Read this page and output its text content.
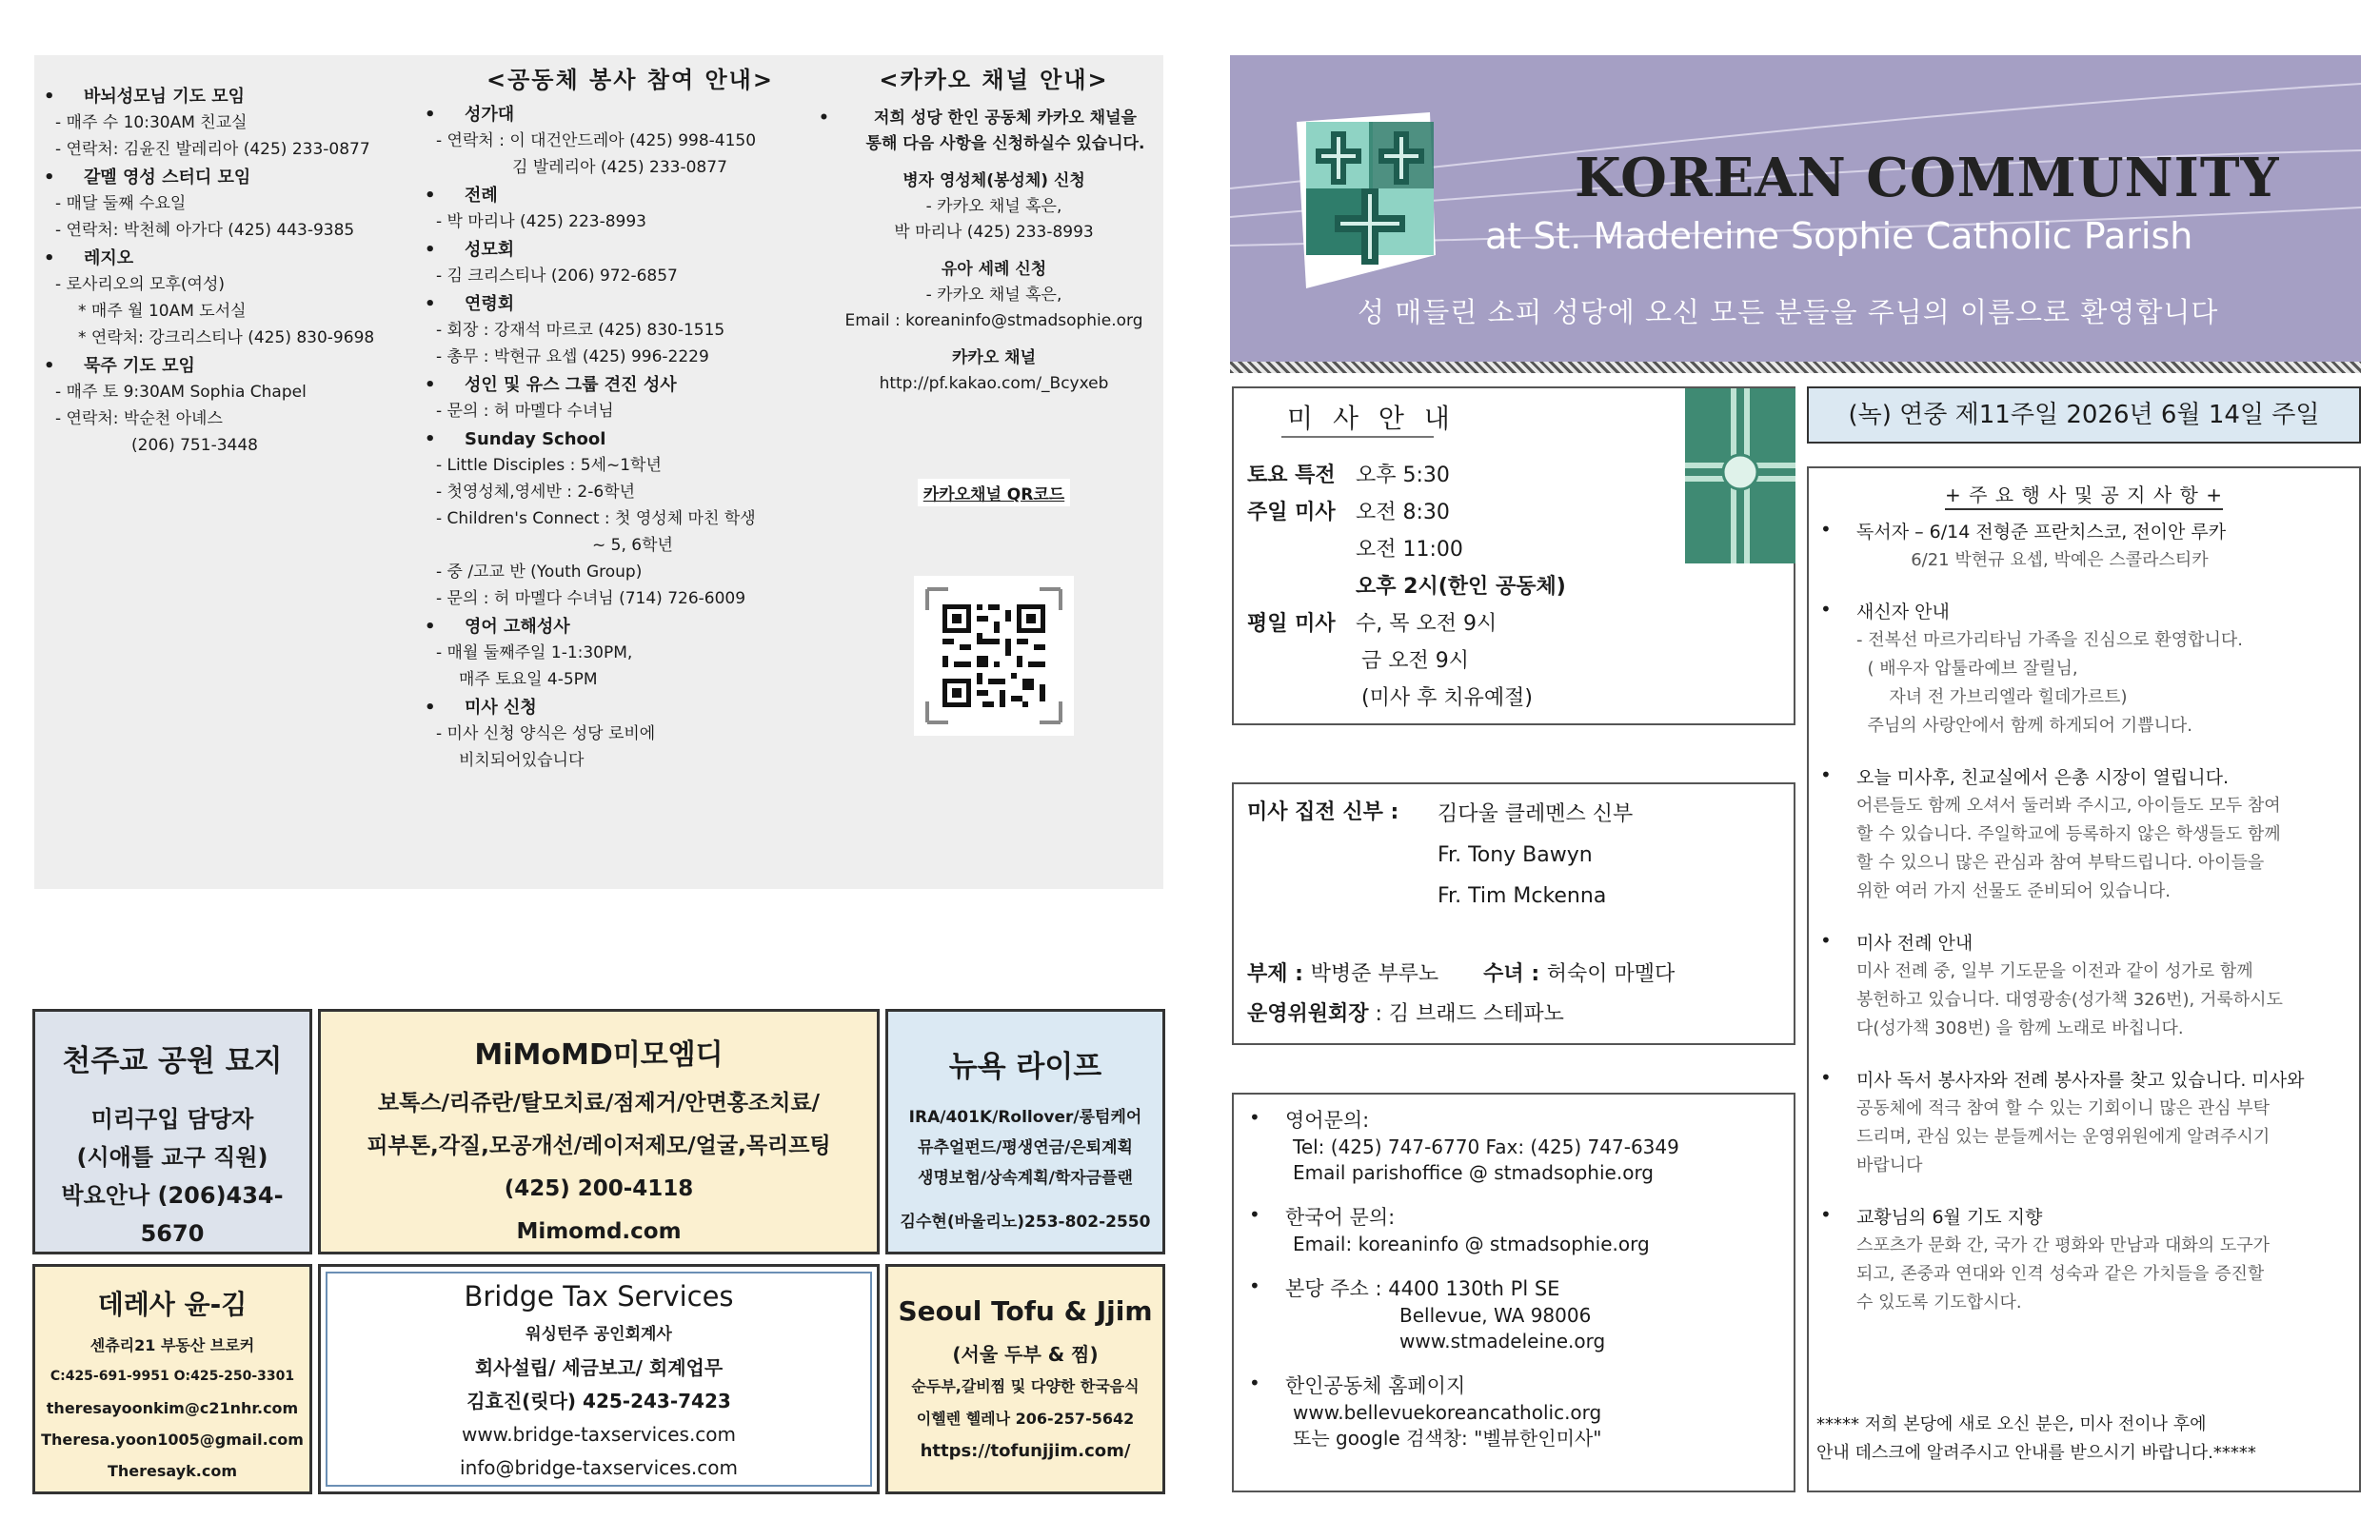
• 바뇌성모님 기도 모임
- 매주 수 10:30AM 친교실
- 연락처: 김윤진 발레리아 (425) 233-0877
• 갈멜 영성 스터디 모임
- 매달 둘째 수요일
- 연락처: 박천혜 아가다 (425) 443-9385
• 레지오
- 로사리오의 모후(여성)
* 매주 월 10AM 도서실
* 연락처: 강크리스티나 (425) 830-9698
• 묵주 기도 모임
- 매주 토 9:30AM Sophia Chapel
- 연락처: 박순천 아녜스
(206) 751-3448
<공동체 봉사 참여 안내>
• 성가대
- 연락처 : 이 대건안드레아 (425) 998-4150
김 발레리아 (425) 233-0877
• 전례
- 박 마리나 (425) 223-8993
• 성모회
- 김 크리스티나 (206) 972-6857
• 연령회
- 회장 : 강재석 마르코 (425) 830-1515
- 총무 : 박현규 요셉 (425) 996-2229
• 성인 및 유스 그룹 견진 성사
- 문의 : 허 마멜다 수녀님
• Sunday School
- Little Disciples : 5세~1학년
- 첫영성체,영세반 : 2-6학년
- Children's Connect : 첫 영성체 마친 학생
~ 5, 6학년
- 중 /고교 반 (Youth Group)
- 문의 : 허 마멜다 수녀님 (714) 726-6009
• 영어 고해성사
- 매월 둘째주일 1-1:30PM,
매주 토요일 4-5PM
• 미사 신청
- 미사 신청 양식은 성당 로비에
비치되어있습니다
<카카오 채널 안내>
•	저희 성당 한인 공동체 카카오 채널을
통해 다음 사항을 신청하실수 있습니다.
병자 영성체(봉성체) 신청
- 카카오 채널 혹은,
박 마리나 (425) 233-8993
유아 세례 신청
- 카카오 채널 혹은,
Email : koreaninfo@stmadsophie.org
카카오 채널
http://pf.kakao.com/_Bcyxeb
카카오채널 QR코드
천주교 공원 묘지
미리구입 담당자
(시애틀 교구 직원)
박요안나 (206)434-5670
MiMoMD미모엠디
보톡스/리쥬란/탈모치료/점제거/안면홍조치료/
피부톤,각질,모공개선/레이저제모/얼굴,목리프팅
(425) 200-4118
Mimomd.com
뉴욕 라이프
IRA/401K/Rollover/롱텀케어
뮤추얼펀드/평생연금/은퇴계획
생명보험/상속계획/학자금플랜
김수현(바울리노)253-802-2550
데레사 윤-김
센츄리21 부동산 브로커
C:425-691-9951 O:425-250-3301
theresayoonkim@c21nhr.com
Theresa.yoon1005@gmail.com
Theresayk.com
Bridge Tax Services
워싱턴주 공인회계사
회사설립/ 세금보고/ 회계업무
김효진(릿다) 425-243-7423
www.bridge-taxservices.com
info@bridge-taxservices.com
Seoul Tofu & Jjim
(서울 두부 & 찜)
순두부,갈비찜 및 다양한 한국음식
이헬렌 헬레나 206-257-5642
https://tofunjjim.com/
KOREAN COMMUNITY
at St. Madeleine Sophie Catholic Parish
성 매들린 소피 성당에 오신 모든 분들을 주님의 이름으로 환영합니다
미 사 안 내
토요 특전 오후 5:30
주일 미사 오전 8:30
오전 11:00
오후 2시(한인 공동체)
평일 미사 수, 목 오전 9시
금 오전 9시
(미사 후 치유예절)
(녹) 연중 제11주일 2026년 6월 14일 주일
미사 집전 신부 : 김다울 클레멘스 신부
Fr. Tony Bawyn
Fr. Tim Mckenna
부제 : 박병준 부루노 수녀 : 허숙이 마멜다
운영위원회장 : 김 브래드 스테파노
• 영어문의:
Tel: (425) 747-6770 Fax: (425) 747-6349
Email parishoffice @ stmadsophie.org
• 한국어 문의:
Email: koreaninfo @ stmadsophie.org
• 본당 주소 : 4400 130th Pl SE
Bellevue, WA 98006
www.stmadeleine.org
• 한인공동체 홈페이지
www.bellevuekoreancatholic.org
또는 google 검색창: "벨뷰한인미사"
+ 주 요 행 사 및 공 지 사 항 +
• 독서자 – 6/14 전형준 프란치스코, 전이안 루카
6/21 박현규 요셉, 박예은 스콜라스티카
• 새신자 안내
- 전복선 마르가리타님 가족을 진심으로 환영합니다.
( 배우자 압툴라예브 잘릴님,
자녀 전 가브리엘라 힐데가르트)
주님의 사랑안에서 함께 하게되어 기쁩니다.
• 오늘 미사후, 친교실에서 은총 시장이 열립니다.
어른들도 함께 오셔서 둘러봐 주시고, 아이들도 모두 참여
할 수 있습니다. 주일학교에 등록하지 않은 학생들도 함께
할 수 있으니 많은 관심과 참여 부탁드립니다. 아이들을
위한 여러 가지 선물도 준비되어 있습니다.
• 미사 전례 안내
미사 전례 중, 일부 기도문을 이전과 같이 성가로 함께
봉헌하고 있습니다. 대영광송(성가책 326번), 거룩하시도
다(성가책 308번) 을 함께 노래로 바칩니다.
• 미사 독서 봉사자와 전례 봉사자를 찾고 있습니다. 미사와
공동체에 적극 참여 할 수 있는 기회이니 많은 관심 부탁
드리며, 관심 있는 분들께서는 운영위원에게 알려주시기
바랍니다
• 교황님의 6월 기도 지향
스포츠가 문화 간, 국가 간 평화와 만남과 대화의 도구가
되고, 존중과 연대와 인격 성숙과 같은 가치들을 증진할
수 있도록 기도합시다.
***** 저희 본당에 새로 오신 분은, 미사 전이나 후에
안내 데스크에 알려주시고 안내를 받으시기 바랍니다.*****
